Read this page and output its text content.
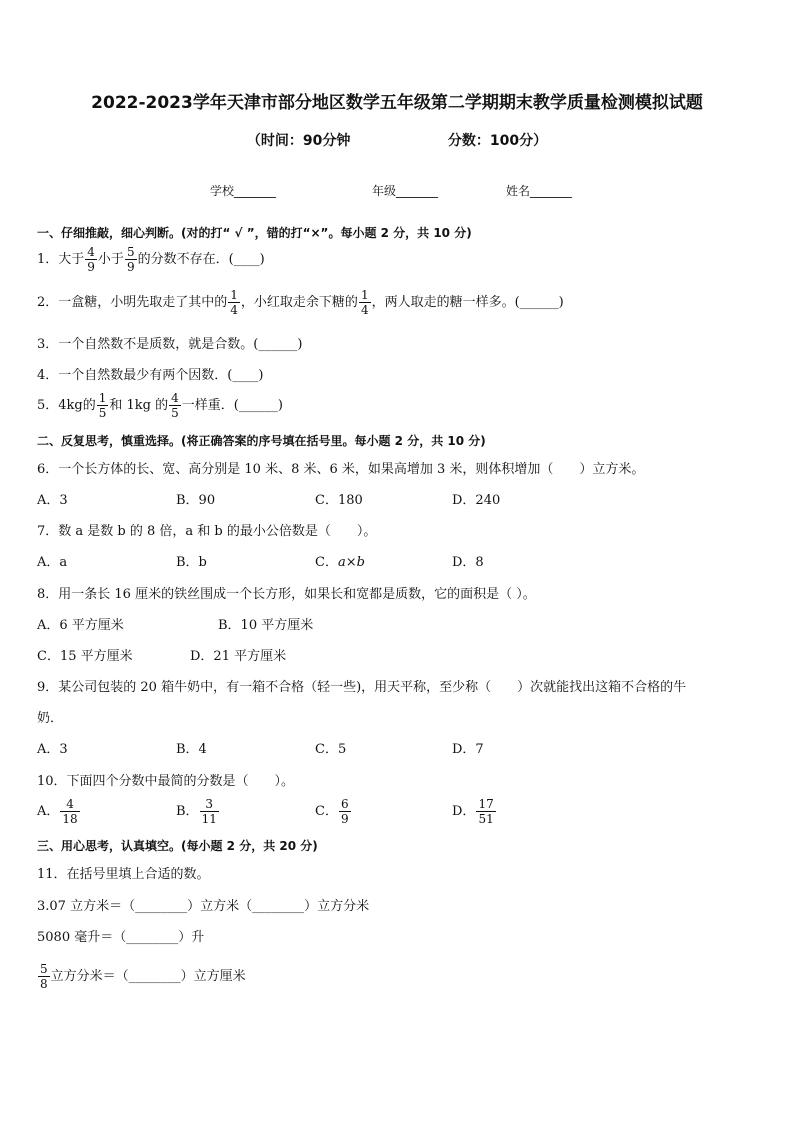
2022-2023学年天津市部分地区数学五年级第二学期期末教学质量检测模拟试题
（时间：90分钟                    分数：100分）
学校_______	年级_______	姓名_______
一、仔细推敲，细心判断。(对的打“ √ ”，错的打“×”。每小题 2 分，共 10 分)
1．大于 $\frac{4}{9}$ 小于 $\frac{5}{9}$ 的分数不存在．(____)
2．一盒糖，小明先取走了其中的 $\frac{1}{4}$ ，小红取走余下糖的 $\frac{1}{4}$ ，两人取走的糖一样多。(______)
3．一个自然数不是质数，就是合数。(______)
4．一个自然数最少有两个因数．(____)
5．4kg的 $\frac{1}{5}$ 和 1kg 的 $\frac{4}{5}$ 一样重．(______)
二、反复思考，慎重选择。(将正确答案的序号填在括号里。每小题 2 分，共 10 分)
6．一个长方体的长、宽、高分别是 10 米、8 米、6 米，如果高增加 3 米，则体积增加（　　）立方米。
A．3	B．90	C．180	D．240
7．数 a 是数 b 的 8 倍，a 和 b 的最小公倍数是（　　）。
A．a	B．b	C．a×b	D．8
8．用一条长 16 厘米的铁丝围成一个长方形，如果长和宽都是质数，它的面积是（ ）。
A．6 平方厘米	B．10 平方厘米
C．15 平方厘米	D．21 平方厘米
9．某公司包装的 20 箱牛奶中，有一箱不合格（轻一些)，用天平称，至少称（　　）次就能找出这箱不合格的牛
奶．
A．3	B．4	C．5	D．7
10．下面四个分数中最简的分数是（　　）。
A． $\frac{4}{18}$	B． $\frac{3}{11}$	C． $\frac{6}{9}$	D． $\frac{17}{51}$
三、用心思考，认真填空。(每小题 2 分，共 20 分)
11．在括号里填上合适的数。
3.07 立方米＝（________）立方米（________）立方分米
5080 毫升＝（________）升
$\frac{5}{8}$ 立方分米＝（________）立方厘米
